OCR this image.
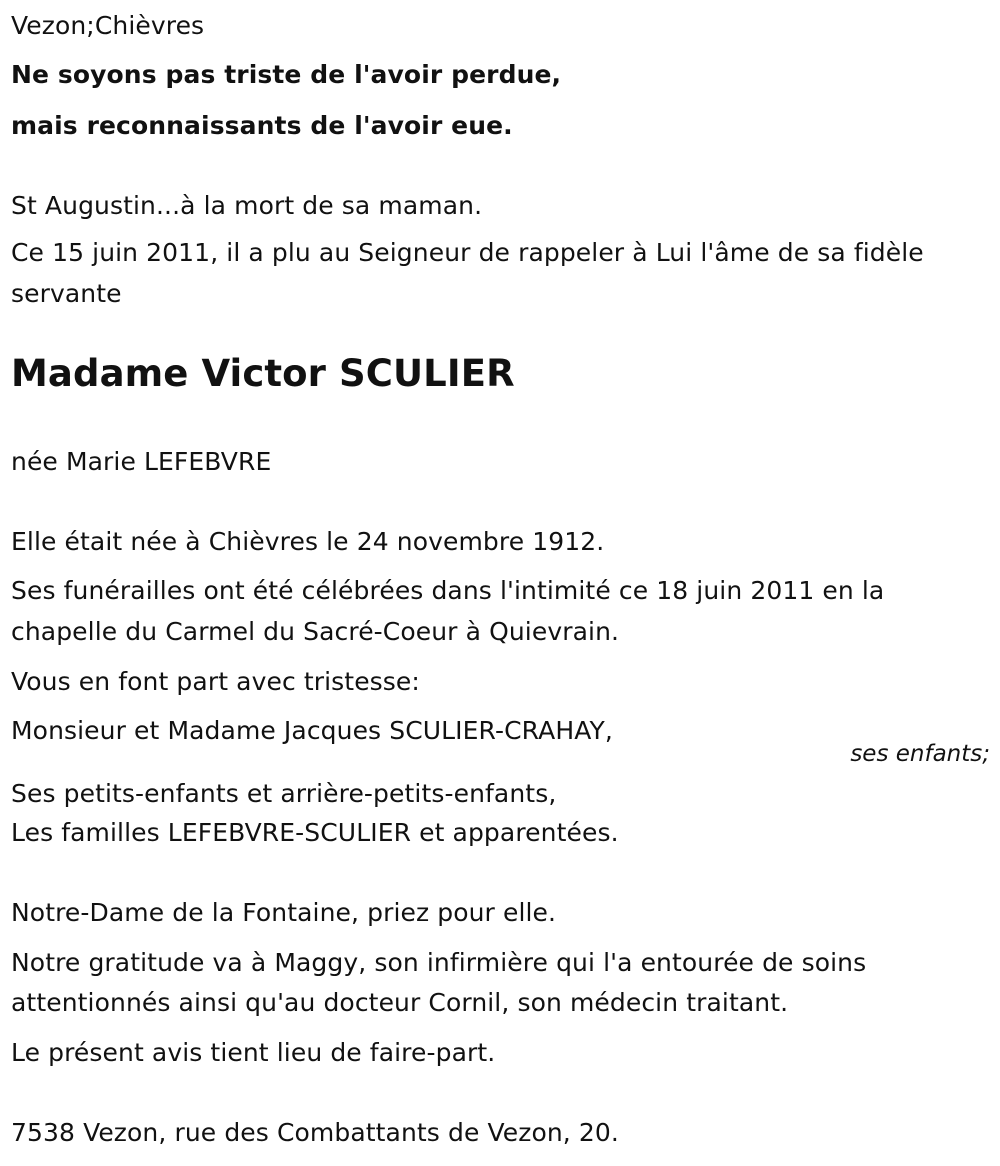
Vezon;Chièvres

Ne soyons pas triste de l'avoir perdue,

mais reconnaissants de l'avoir eue.

St Augustin...à la mort de sa maman.

Ce 15 juin 2011, il a plu au Seigneur de rappeler à Lui l'âme de sa fidèle

servante

Madame Victor SCULIER

née Marie LEFEBVRE

Elle était née à Chièvres le 24 novembre 1912.

Ses funérailles ont été célébrées dans l'intimité ce 18 juin 2011 en la

chapelle du Carmel du Sacré-Coeur à Quievrain.

Vous en font part avec tristesse:

Monsieur et Madame Jacques SCULIER-CRAHAY,

ses enfants;

Ses petits-enfants et arrière-petits-enfants,

Les familles LEFEBVRE-SCULIER et apparentées.

Notre-Dame de la Fontaine, priez pour elle.

Notre gratitude va à Maggy, son infirmière qui l'a entourée de soins

attentionnés ainsi qu'au docteur Cornil, son médecin traitant.

Le présent avis tient lieu de faire-part.

7538 Vezon, rue des Combattants de Vezon, 20.
